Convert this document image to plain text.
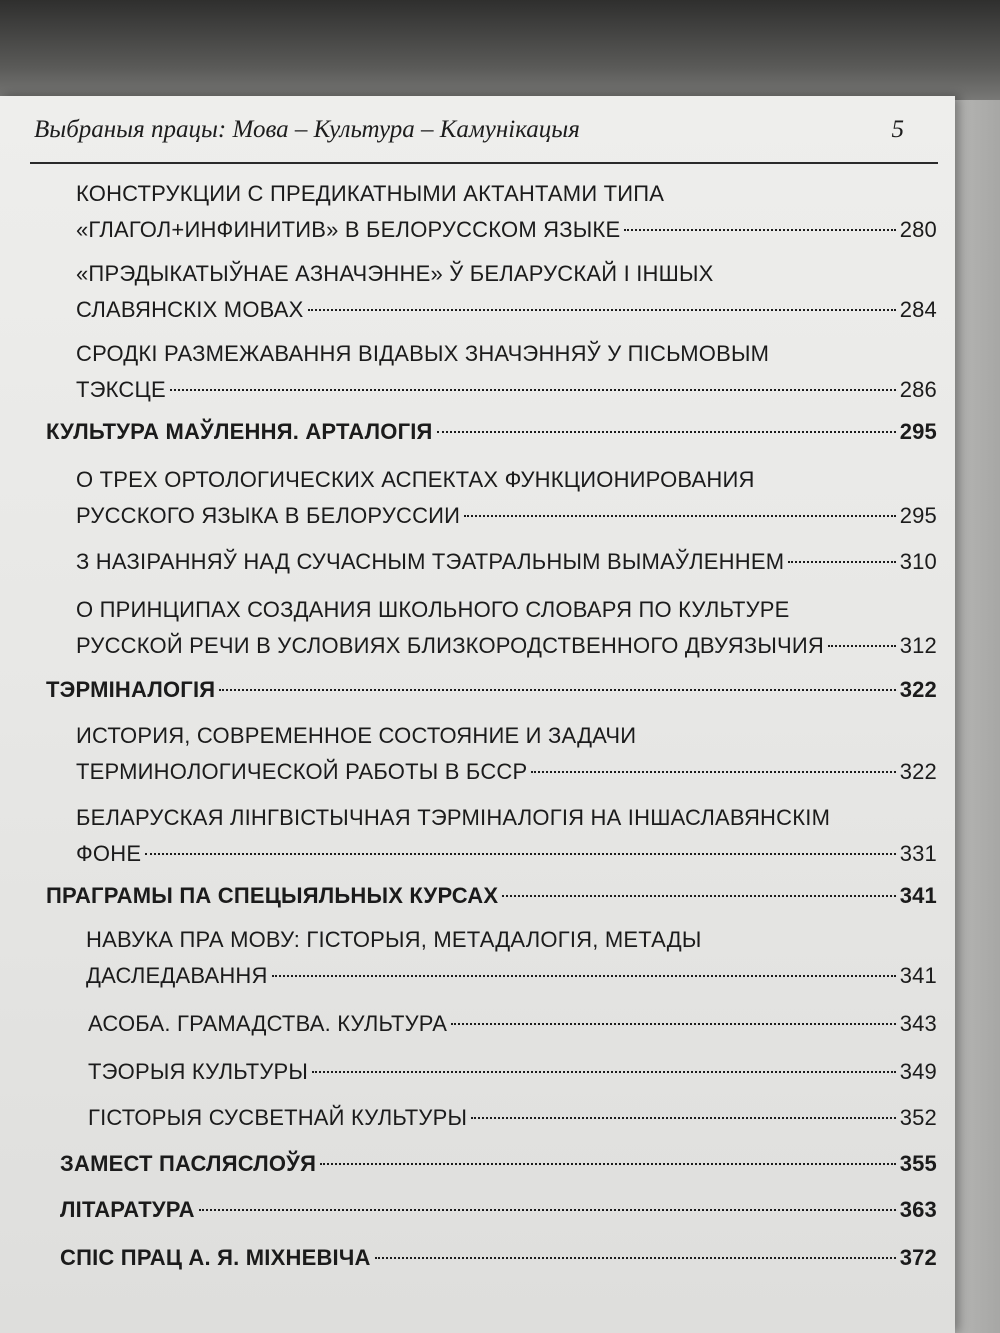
Выбраныя працы: Мова – Культура – Камунікацыя	5
КОНСТРУКЦИИ С ПРЕДИКАТНЫМИ АКТАНТАМИ ТИПА
«ГЛАГОЛ+ИНФИНИТИВ» В БЕЛОРУССКОМ ЯЗЫКЕ	280
«ПРЭДЫКАТЫЎНАЕ АЗНАЧЭННЕ» Ў БЕЛАРУСКАЙ І ІНШЫХ
СЛАВЯНСКІХ МОВАХ	284
СРОДКІ РАЗМЕЖАВАННЯ ВІДАВЫХ ЗНАЧЭННЯЎ У ПІСЬМОВЫМ
ТЭКСЦЕ	286
КУЛЬТУРА МАЎЛЕННЯ. АРТАЛОГІЯ	295
О ТРЕХ ОРТОЛОГИЧЕСКИХ АСПЕКТАХ ФУНКЦИОНИРОВАНИЯ
РУССКОГО ЯЗЫКА В БЕЛОРУССИИ	295
З НАЗІРАННЯЎ НАД СУЧАСНЫМ ТЭАТРАЛЬНЫМ ВЫМАЎЛЕННЕМ	310
О ПРИНЦИПАХ СОЗДАНИЯ ШКОЛЬНОГО СЛОВАРЯ ПО КУЛЬТУРЕ
РУССКОЙ РЕЧИ В УСЛОВИЯХ БЛИЗКОРОДСТВЕННОГО ДВУЯЗЫЧИЯ	312
ТЭРМІНАЛОГІЯ	322
ИСТОРИЯ, СОВРЕМЕННОЕ СОСТОЯНИЕ И ЗАДАЧИ
ТЕРМИНОЛОГИЧЕСКОЙ РАБОТЫ В БССР	322
БЕЛАРУСКАЯ ЛІНГВІСТЫЧНАЯ ТЭРМІНАЛОГІЯ НА ІНШАСЛАВЯНСКІМ
ФОНЕ	331
ПРАГРАМЫ ПА СПЕЦЫЯЛЬНЫХ КУРСАХ	341
НАВУКА ПРА МОВУ: ГІСТОРЫЯ, МЕТАДАЛОГІЯ, МЕТАДЫ
ДАСЛЕДАВАННЯ	341
АСОБА. ГРАМАДСТВА. КУЛЬТУРА	343
ТЭОРЫЯ КУЛЬТУРЫ	349
ГІСТОРЫЯ СУСВЕТНАЙ КУЛЬТУРЫ	352
ЗАМЕСТ ПАСЛЯСЛОЎЯ	355
ЛІТАРАТУРА	363
СПІС ПРАЦ А. Я. МІХНЕВІЧА	372
